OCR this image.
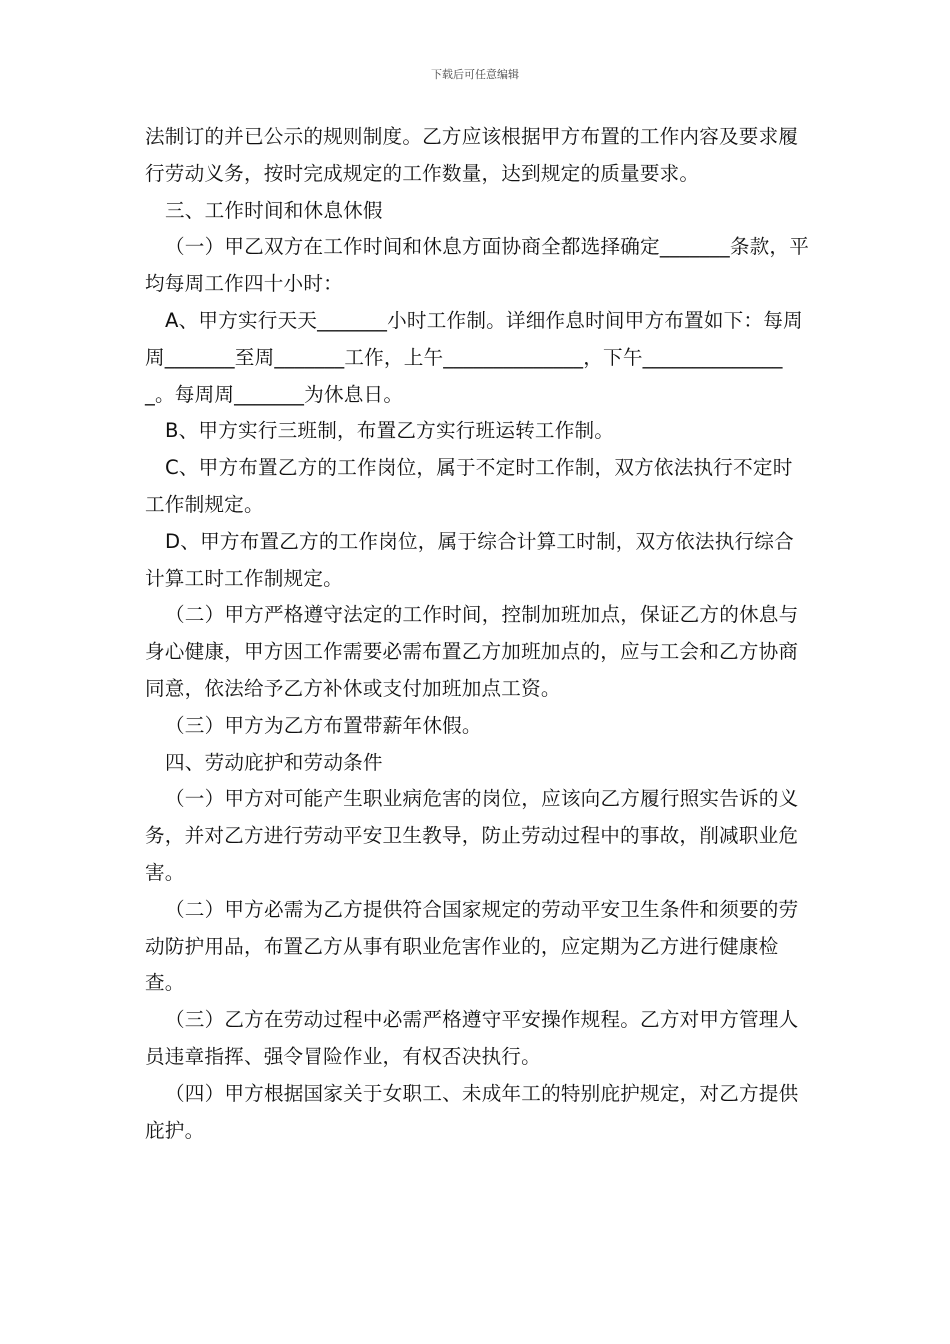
下载后可任意编辑

法制订的并已公示的规则制度。乙方应该根据甲方布置的工作内容及要求履行劳动义务，按时完成规定的工作数量，达到规定的质量要求。

三、工作时间和休息休假

（一）甲乙双方在工作时间和休息方面协商全都选择确定_______条款，平均每周工作四十小时：

A、甲方实行天天_______小时工作制。详细作息时间甲方布置如下：每周周_______至周_______工作，上午______________，下午_______________。每周周_______为休息日。

B、甲方实行三班制，布置乙方实行班运转工作制。

C、甲方布置乙方的工作岗位，属于不定时工作制，双方依法执行不定时工作制规定。

D、甲方布置乙方的工作岗位，属于综合计算工时制，双方依法执行综合计算工时工作制规定。

（二）甲方严格遵守法定的工作时间，控制加班加点，保证乙方的休息与身心健康，甲方因工作需要必需布置乙方加班加点的，应与工会和乙方协商同意，依法给予乙方补休或支付加班加点工资。

（三）甲方为乙方布置带薪年休假。

四、劳动庇护和劳动条件

（一）甲方对可能产生职业病危害的岗位，应该向乙方履行照实告诉的义务，并对乙方进行劳动平安卫生教导，防止劳动过程中的事故，削减职业危害。

（二）甲方必需为乙方提供符合国家规定的劳动平安卫生条件和须要的劳动防护用品，布置乙方从事有职业危害作业的，应定期为乙方进行健康检查。

（三）乙方在劳动过程中必需严格遵守平安操作规程。乙方对甲方管理人员违章指挥、强令冒险作业，有权否决执行。

（四）甲方根据国家关于女职工、未成年工的特别庇护规定，对乙方提供庇护。
